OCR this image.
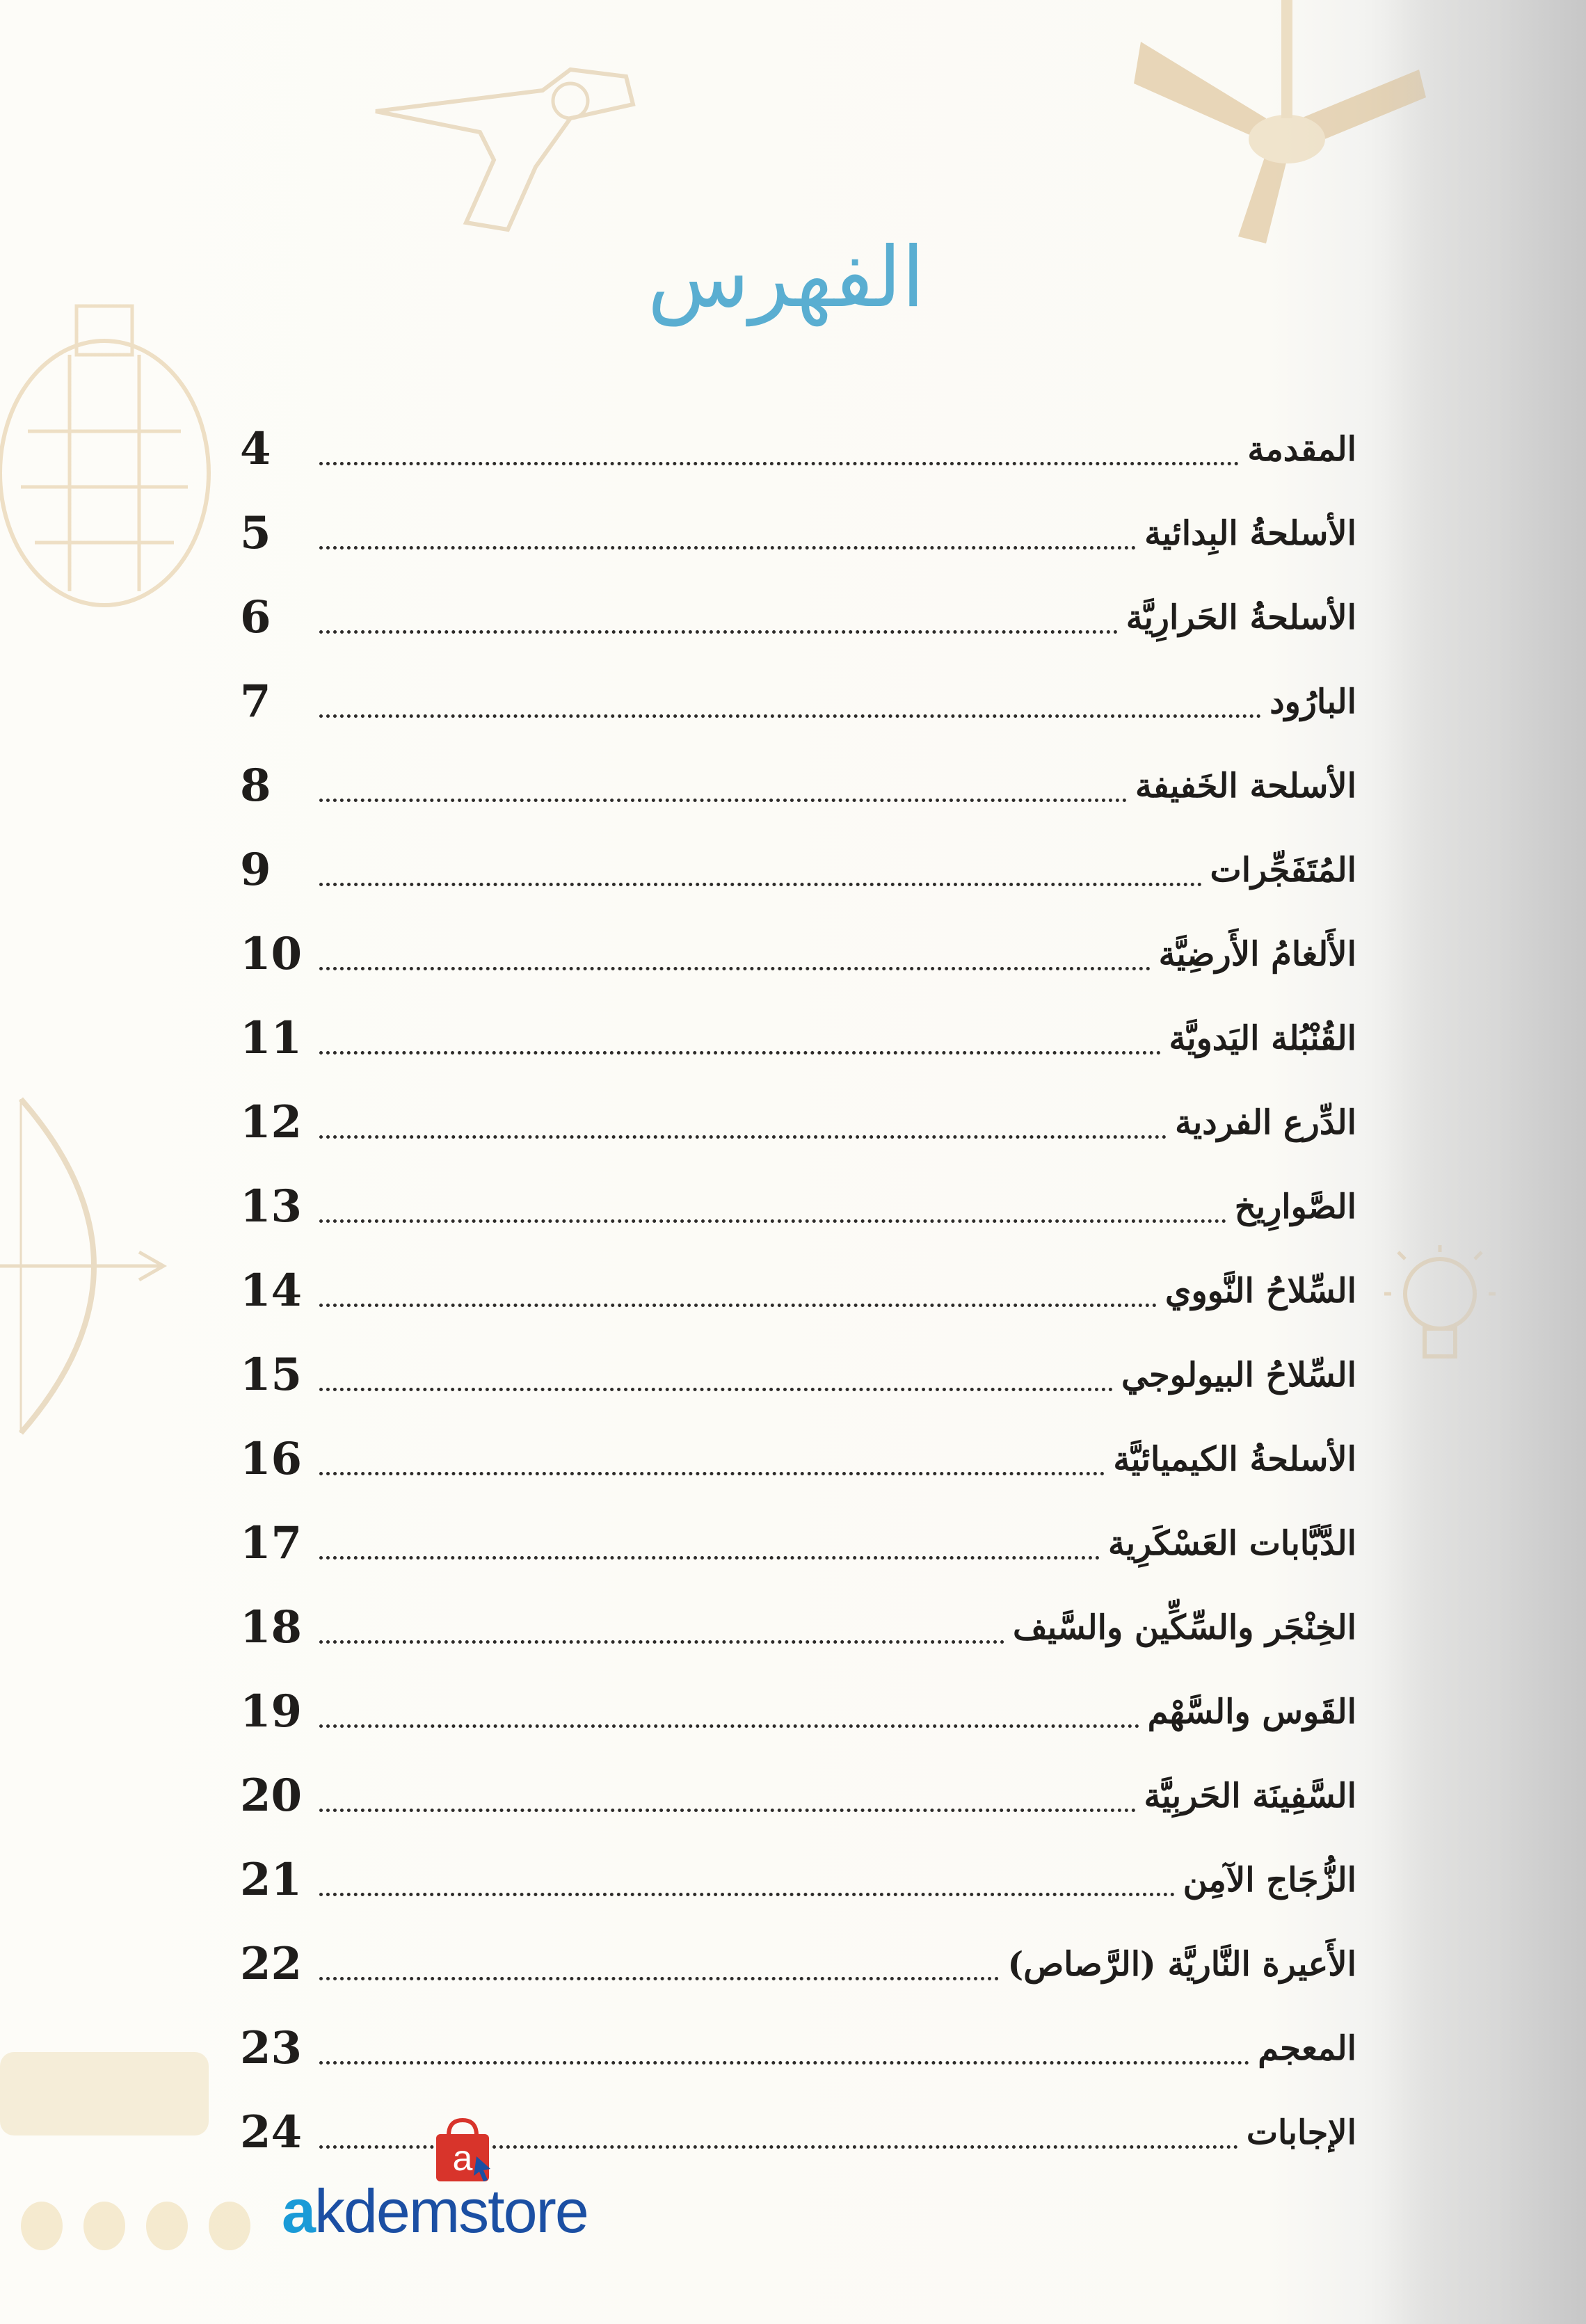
الفهرس
المقدمة
4
الأسلحةُ البِدائية
5
الأسلحةُ الحَرارِيَّة
6
البارُود
7
الأسلحة الخَفيفة
8
المُتَفَجِّرات
9
الأَلغامُ الأَرضِيَّة
10
القُنْبُلة اليَدويَّة
11
الدِّرع الفردية
12
الصَّوارِيخ
13
السِّلاحُ النَّووي
14
السِّلاحُ البيولوجي
15
الأسلحةُ الكيميائيَّة
16
الدَّبَّابات العَسْكَرِية
17
الخِنْجَر والسِّكِّين والسَّيف
18
القَوس والسَّهْم
19
السَّفِينَة الحَربِيَّة
20
الزُّجَاج الآمِن
21
الأَعيرة النَّاريَّة (الرَّصاص)
22
المعجم
23
الإجابات
24	a
akdemstore
